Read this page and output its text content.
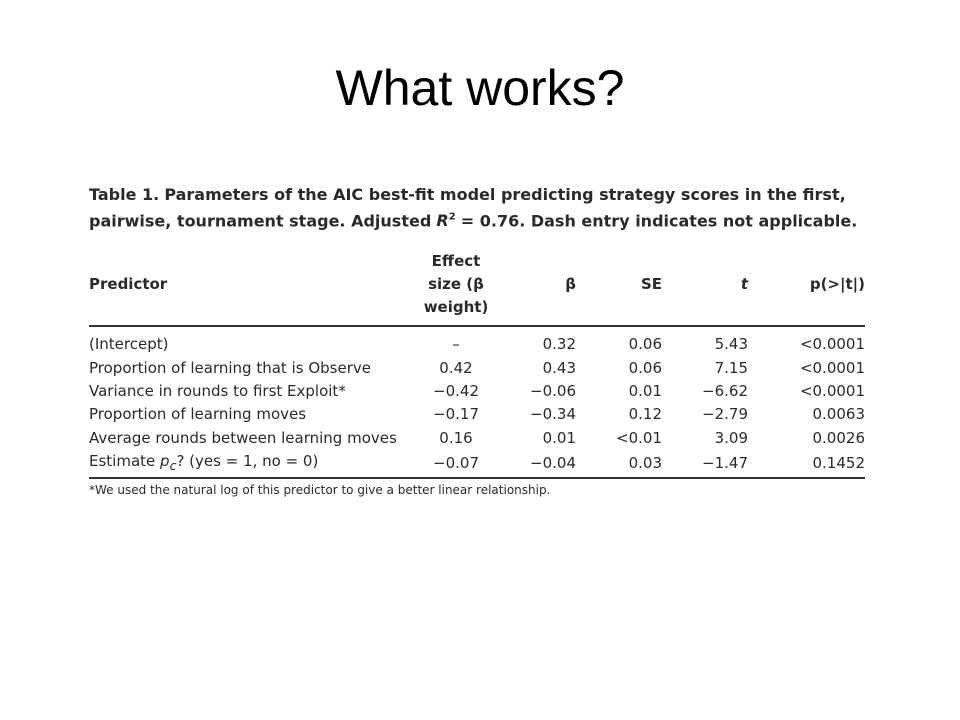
What works?

Table 1. Parameters of the AIC best-fit model predicting strategy scores in the first, pairwise, tournament stage. Adjusted $R^2 = 0.76$. Dash entry indicates not applicable.

Predictor	Effect
size (β
weight)	β	SE	t	p(>|t|)
(Intercept)	–	0.32	0.06	5.43	<0.0001
Proportion of learning that is Observe	0.42	0.43	0.06	7.15	<0.0001
Variance in rounds to first Exploit*	−0.42	−0.06	0.01	−6.62	<0.0001
Proportion of learning moves	−0.17	−0.34	0.12	−2.79	0.0063
Average rounds between learning moves	0.16	0.01	<0.01	3.09	0.0026
Estimate $p_c$? (yes = 1, no = 0)	−0.07	−0.04	0.03	−1.47	0.1452
*We used the natural log of this predictor to give a better linear relationship.
